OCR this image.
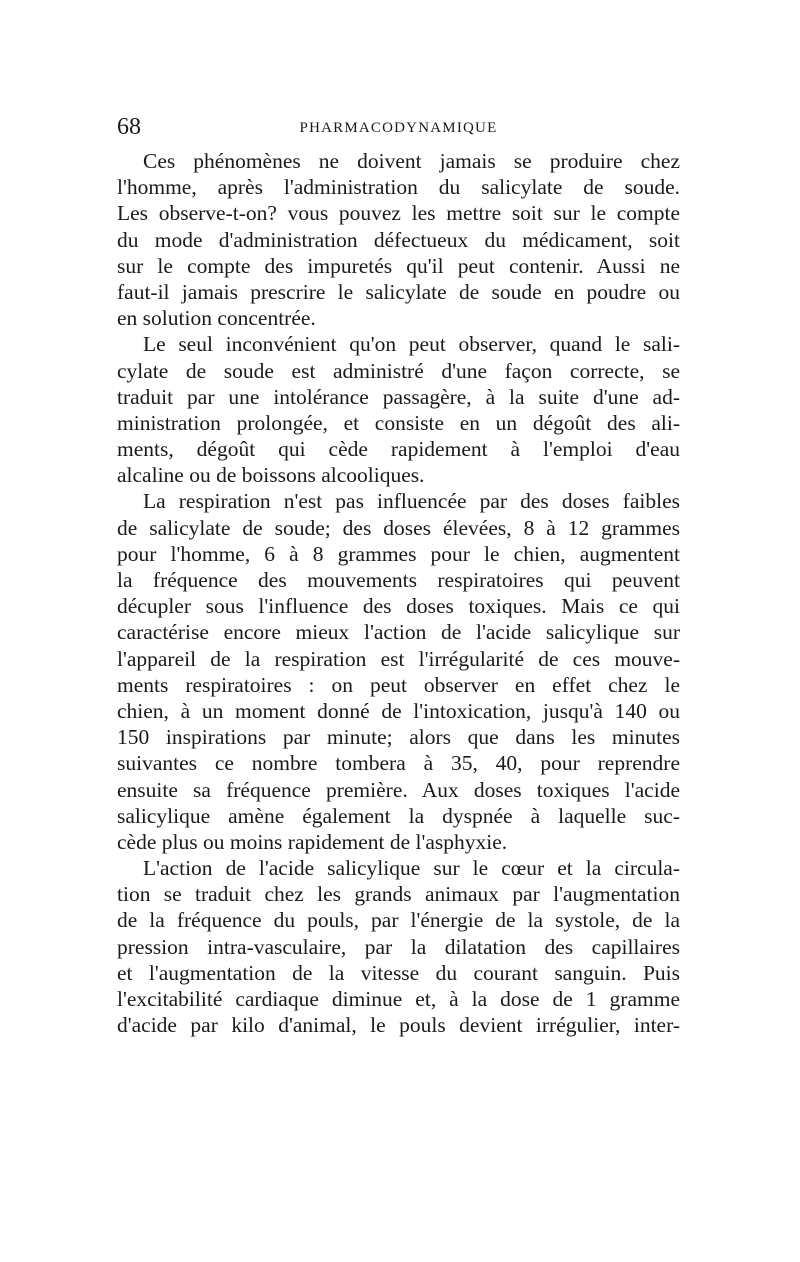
68	PHARMACODYNAMIQUE
Ces phénomènes ne doivent jamais se produire chez
l'homme, après l'administration du salicylate de soude.
Les observe-t-on? vous pouvez les mettre soit sur le compte
du mode d'administration défectueux du médicament, soit
sur le compte des impuretés qu'il peut contenir. Aussi ne
faut-il jamais prescrire le salicylate de soude en poudre ou
en solution concentrée.
Le seul inconvénient qu'on peut observer, quand le sali-
cylate de soude est administré d'une façon correcte, se
traduit par une intolérance passagère, à la suite d'une ad-
ministration prolongée, et consiste en un dégoût des ali-
ments, dégoût qui cède rapidement à l'emploi d'eau
alcaline ou de boissons alcooliques.
La respiration n'est pas influencée par des doses faibles
de salicylate de soude; des doses élevées, 8 à 12 grammes
pour l'homme, 6 à 8 grammes pour le chien, augmentent
la fréquence des mouvements respiratoires qui peuvent
décupler sous l'influence des doses toxiques. Mais ce qui
caractérise encore mieux l'action de l'acide salicylique sur
l'appareil de la respiration est l'irrégularité de ces mouve-
ments respiratoires : on peut observer en effet chez le
chien, à un moment donné de l'intoxication, jusqu'à 140 ou
150 inspirations par minute; alors que dans les minutes
suivantes ce nombre tombera à 35, 40, pour reprendre
ensuite sa fréquence première. Aux doses toxiques l'acide
salicylique amène également la dyspnée à laquelle suc-
cède plus ou moins rapidement de l'asphyxie.
L'action de l'acide salicylique sur le cœur et la circula-
tion se traduit chez les grands animaux par l'augmentation
de la fréquence du pouls, par l'énergie de la systole, de la
pression intra-vasculaire, par la dilatation des capillaires
et l'augmentation de la vitesse du courant sanguin. Puis
l'excitabilité cardiaque diminue et, à la dose de 1 gramme
d'acide par kilo d'animal, le pouls devient irrégulier, inter-
